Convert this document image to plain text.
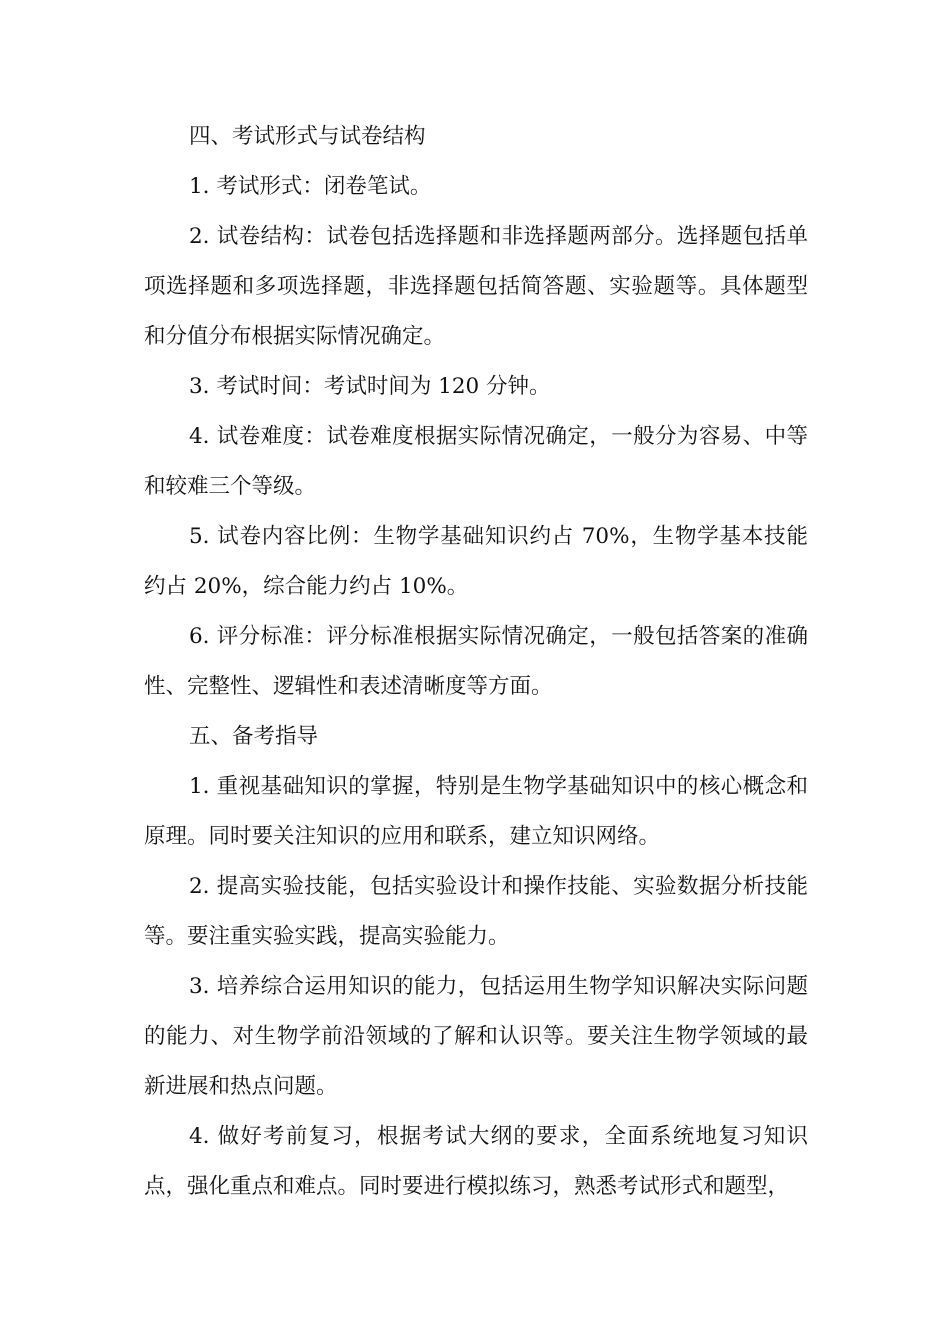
四、考试形式与试卷结构

1. 考试形式：闭卷笔试。

2. 试卷结构：试卷包括选择题和非选择题两部分。选择题包括单项选择题和多项选择题，非选择题包括简答题、实验题等。具体题型和分值分布根据实际情况确定。

3. 考试时间：考试时间为 120 分钟。

4. 试卷难度：试卷难度根据实际情况确定，一般分为容易、中等和较难三个等级。

5. 试卷内容比例：生物学基础知识约占 70%，生物学基本技能约占 20%，综合能力约占 10%。

6. 评分标准：评分标准根据实际情况确定，一般包括答案的准确性、完整性、逻辑性和表述清晰度等方面。

五、备考指导

1. 重视基础知识的掌握，特别是生物学基础知识中的核心概念和原理。同时要关注知识的应用和联系，建立知识网络。

2. 提高实验技能，包括实验设计和操作技能、实验数据分析技能等。要注重实验实践，提高实验能力。

3. 培养综合运用知识的能力，包括运用生物学知识解决实际问题的能力、对生物学前沿领域的了解和认识等。要关注生物学领域的最新进展和热点问题。

4. 做好考前复习，根据考试大纲的要求，全面系统地复习知识点，强化重点和难点。同时要进行模拟练习，熟悉考试形式和题型，
